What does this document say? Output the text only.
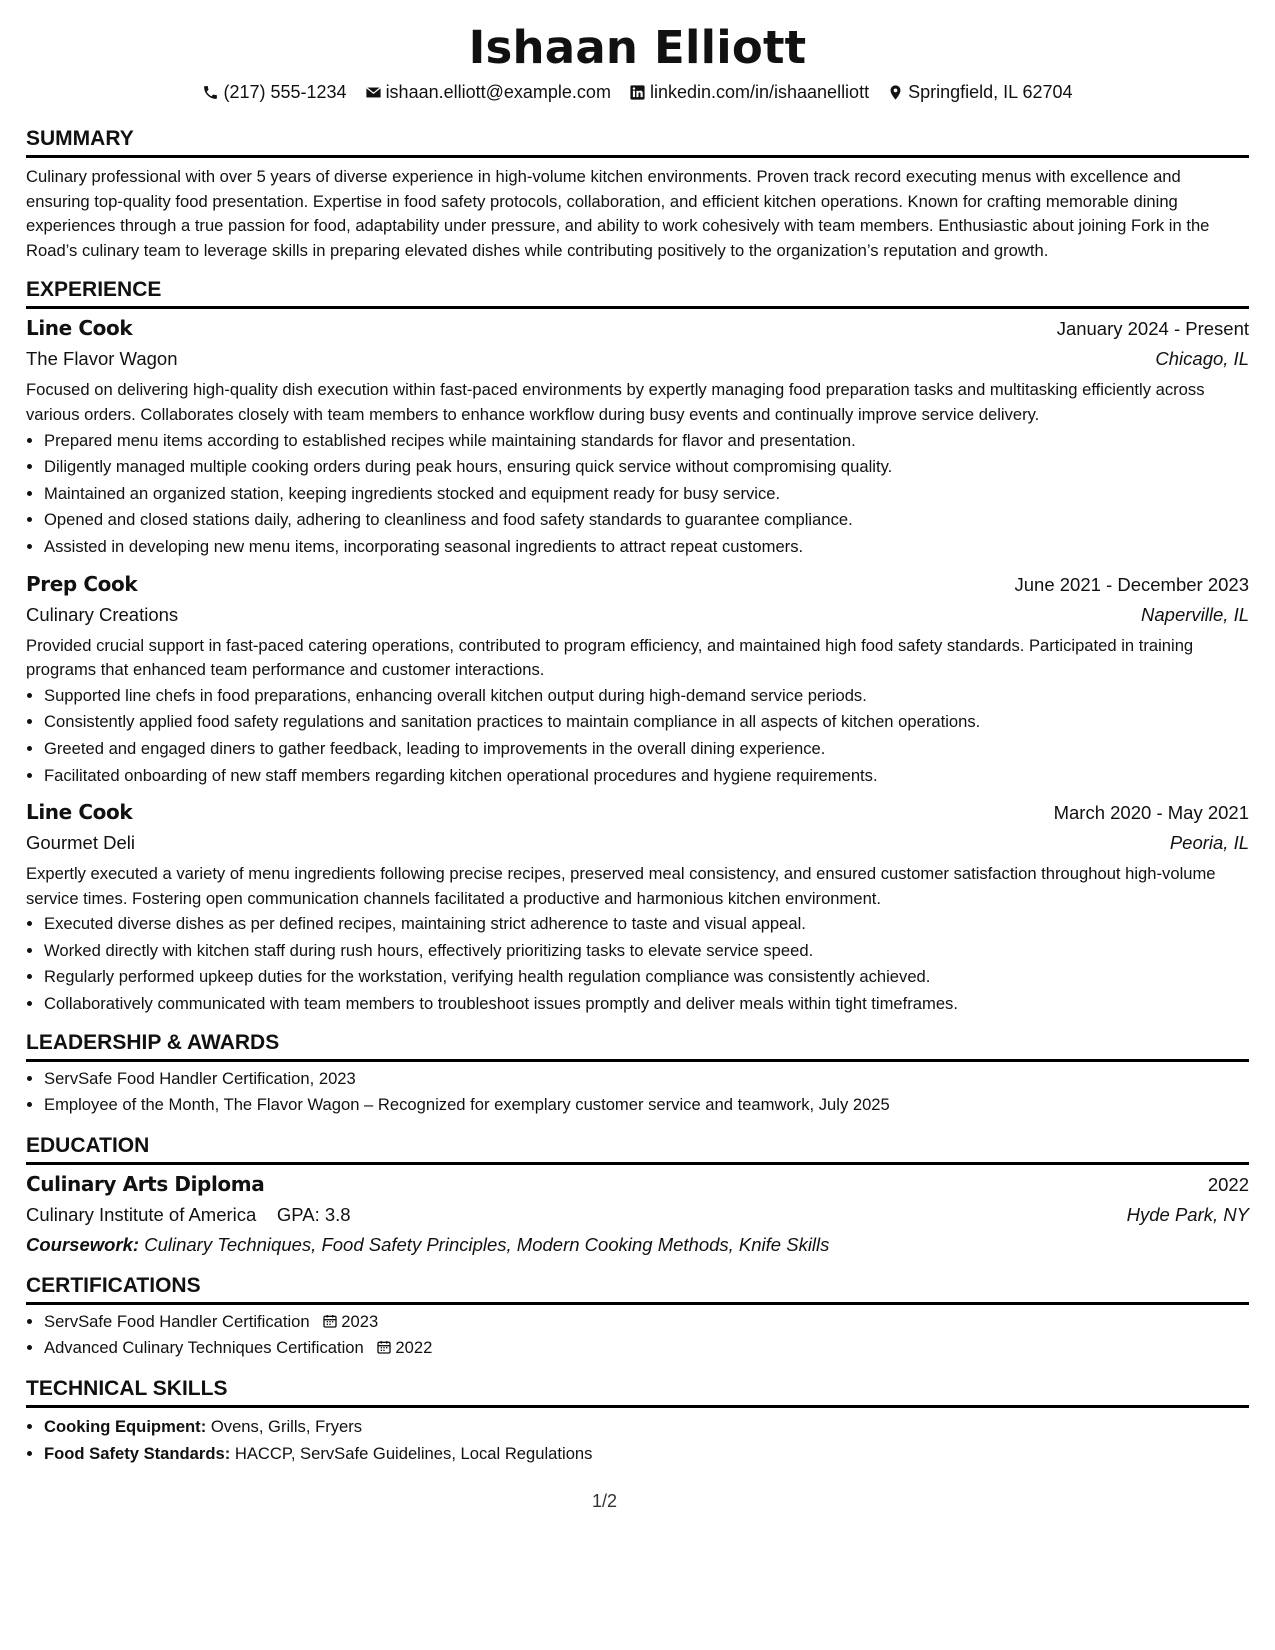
Ishaan Elliott
(217) 555-1234 ishaan.elliott@example.com linkedin.com/in/ishaanelliott Springfield, IL 62704
SUMMARY

Culinary professional with over 5 years of diverse experience in high-volume kitchen environments. Proven track record executing menus with excellence and ensuring top-quality food presentation. Expertise in food safety protocols, collaboration, and efficient kitchen operations. Known for crafting memorable dining experiences through a true passion for food, adaptability under pressure, and ability to work cohesively with team members. Enthusiastic about joining Fork in the Road’s culinary team to leverage skills in preparing elevated dishes while contributing positively to the organization’s reputation and growth.

EXPERIENCE
Line Cook	January 2024 - Present
The Flavor Wagon	Chicago, IL

Focused on delivering high-quality dish execution within fast-paced environments by expertly managing food preparation tasks and multitasking efficiently across various orders. Collaborates closely with team members to enhance workflow during busy events and continually improve service delivery.

• Prepared menu items according to established recipes while maintaining standards for flavor and presentation.
• Diligently managed multiple cooking orders during peak hours, ensuring quick service without compromising quality.
• Maintained an organized station, keeping ingredients stocked and equipment ready for busy service.
• Opened and closed stations daily, adhering to cleanliness and food safety standards to guarantee compliance.
• Assisted in developing new menu items, incorporating seasonal ingredients to attract repeat customers.
Prep Cook	June 2021 - December 2023
Culinary Creations	Naperville, IL

Provided crucial support in fast-paced catering operations, contributed to program efficiency, and maintained high food safety standards. Participated in training programs that enhanced team performance and customer interactions.

• Supported line chefs in food preparations, enhancing overall kitchen output during high-demand service periods.
• Consistently applied food safety regulations and sanitation practices to maintain compliance in all aspects of kitchen operations.
• Greeted and engaged diners to gather feedback, leading to improvements in the overall dining experience.
• Facilitated onboarding of new staff members regarding kitchen operational procedures and hygiene requirements.
Line Cook	March 2020 - May 2021
Gourmet Deli	Peoria, IL

Expertly executed a variety of menu ingredients following precise recipes, preserved meal consistency, and ensured customer satisfaction throughout high-volume service times. Fostering open communication channels facilitated a productive and harmonious kitchen environment.

• Executed diverse dishes as per defined recipes, maintaining strict adherence to taste and visual appeal.
• Worked directly with kitchen staff during rush hours, effectively prioritizing tasks to elevate service speed.
• Regularly performed upkeep duties for the workstation, verifying health regulation compliance was consistently achieved.
• Collaboratively communicated with team members to troubleshoot issues promptly and deliver meals within tight timeframes.
LEADERSHIP & AWARDS
• ServSafe Food Handler Certification, 2023
• Employee of the Month, The Flavor Wagon – Recognized for exemplary customer service and teamwork, July 2025
EDUCATION
Culinary Arts Diploma	2022
Culinary Institute of America GPA: 3.8	Hyde Park, NY
Coursework: Culinary Techniques, Food Safety Principles, Modern Cooking Methods, Knife Skills
CERTIFICATIONS
• ServSafe Food Handler Certification 2023
• Advanced Culinary Techniques Certification 2022
TECHNICAL SKILLS
• Cooking Equipment: Ovens, Grills, Fryers
• Food Safety Standards: HACCP, ServSafe Guidelines, Local Regulations
1/2
